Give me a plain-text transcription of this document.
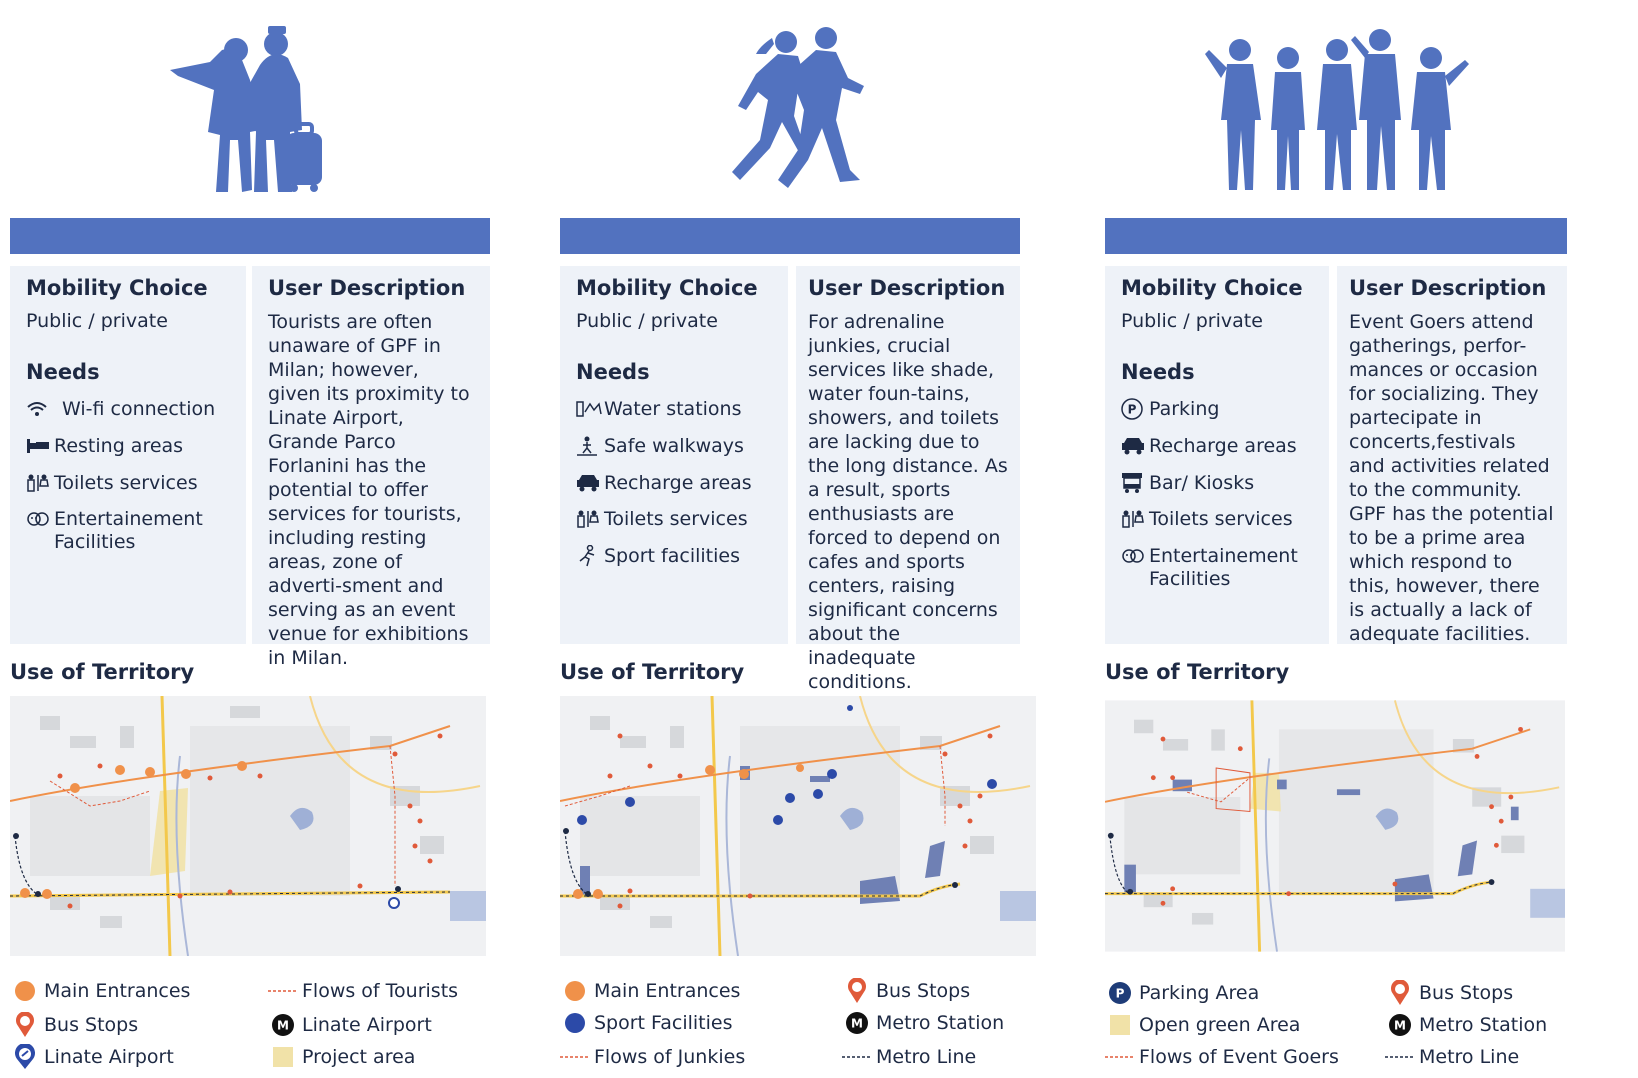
Mobility Choice
Public / private
Needs
Wi-fi connection
Resting areas
Toilets services
Entertainement Facilities
User Description

Tourists are often unaware of GPF in Milan; however, given its proximity to Linate Airport, Grande Parco Forlanini has the potential to offer services for tourists, including resting areas, zone of adverti-sment and serving as an event venue for exhibitions in Milan.

Use of Territory
Main Entrances	Flows of Tourists
Bus Stops	M Linate Airport
Linate Airport	Project area
Mobility Choice
Public / private
Needs
Water stations
Safe walkways
Recharge areas
Toilets services
Sport facilities
User Description

For adrenaline junkies, crucial services like shade, water foun-tains, showers, and toilets are lacking due to the long distance. As a result, sports enthusiasts are forced to depend on cafes and sports centers, raising significant concerns about the inadequate conditions.

Use of Territory
Main Entrances	Bus Stops
Sport Facilities	M Metro Station
Flows of Junkies	Metro Line
Mobility Choice
Public / private
Needs
P Parking
Recharge areas
Bar/ Kiosks
Toilets services
Entertainement Facilities
User Description

Event Goers attend gatherings, perfor-mances or occasion for socializing. They partecipate in concerts,festivals and activities related to the community. GPF has the potential to be a prime area which respond to this, however, there is actually a lack of adequate facilities.

Use of Territory
P Parking Area	Bus Stops
Open green Area	M Metro Station
Flows of Event Goers	Metro Line
